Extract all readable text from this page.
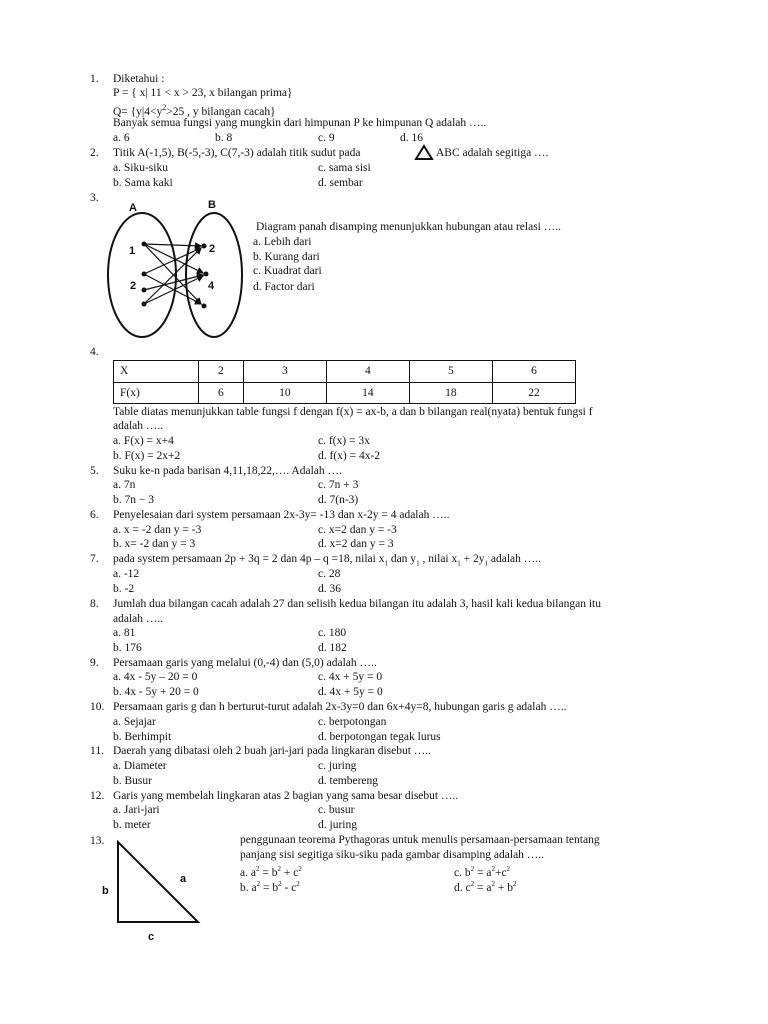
1. Diketahui :
P = { x| 11 < x > 23, x bilangan prima}
$Q= \{y|4<y^2>25$ , y bilangan cacah}
Banyak semua fungsi yang mungkin dari himpunan P ke himpunan Q adalah …..
a. 6	b. 8	c. 9	d. 16
2. Titik A(-1,5), B(-5,-3), C(7,-3) adalah titik sudut pada	ABC adalah segitiga ….
a. Siku-siku	c. sama sisi
b. Sama kaki	d. sembar
3.
A	B
1
2
2
4
Diagram panah disamping menunjukkan hubungan atau relasi …..
a. Lebih dari
b. Kurang dari
c. Kuadrat dari
d. Factor dari
4.
X	2	3	4	5	6
F(x)	6	10	14	18	22
Table diatas menunjukkan table fungsi f dengan f(x) = ax-b, a dan b bilangan real(nyata) bentuk fungsi f
adalah …..
a. F(x) = x+4	c. f(x) = 3x
b. F(x) = 2x+2	d. f(x) = 4x-2
5. Suku ke-n pada barisan 4,11,18,22,…. Adalah ….
a. 7n	c. 7n + 3
b. 7n − 3	d. 7(n-3)
6. Penyelesaian dari system persamaan 2x-3y= -13 dan x-2y = 4 adalah …..
a. x = -2 dan y = -3	c. x=2 dan y = -3
b. x= -2 dan y = 3	d. x=2 dan y = 3
7. pada system persamaan 2p + 3q = 2 dan 4p – q =18, nilai $x_1$ dan $y_1$ , nilai $x_1 + 2y_1$ adalah …..
a. -12	c. 28
b. -2	d. 36
8. Jumlah dua bilangan cacah adalah 27 dan selisih kedua bilangan itu adalah 3, hasil kali kedua bilangan itu
adalah …..
a. 81	c. 180
b. 176	d. 182
9. Persamaan garis yang melalui (0,-4) dan (5,0) adalah …..
a. 4x - 5y – 20 = 0	c. 4x + 5y = 0
b. 4x - 5y + 20 = 0	d. 4x + 5y = 0
10. Persamaan garis g dan h berturut-turut adalah 2x-3y=0 dan 6x+4y=8, hubungan garis g adalah …..
a. Sejajar	c. berpotongan
b. Berhimpit	d. berpotongan tegak lurus
11. Daerah yang dibatasi oleh 2 buah jari-jari pada lingkaran disebut …..
a. Diameter	c. juring
b. Busur	d. tembereng
12. Garis yang membelah lingkaran atas 2 bagian yang sama besar disebut …..
a. Jari-jari	c. busur
b. meter	d. juring
13.
a
b
c
penggunaan teorema Pythagoras untuk menulis persamaan-persamaan tentang
panjang sisi segitiga siku-siku pada gambar disamping adalah …..
a. $a^2 = b^2 + c^2$	c. $b^2 = a^2+c^2$
b. $a^2 = b^2 - c^2$	d. $c^2 = a^2 + b^2$
